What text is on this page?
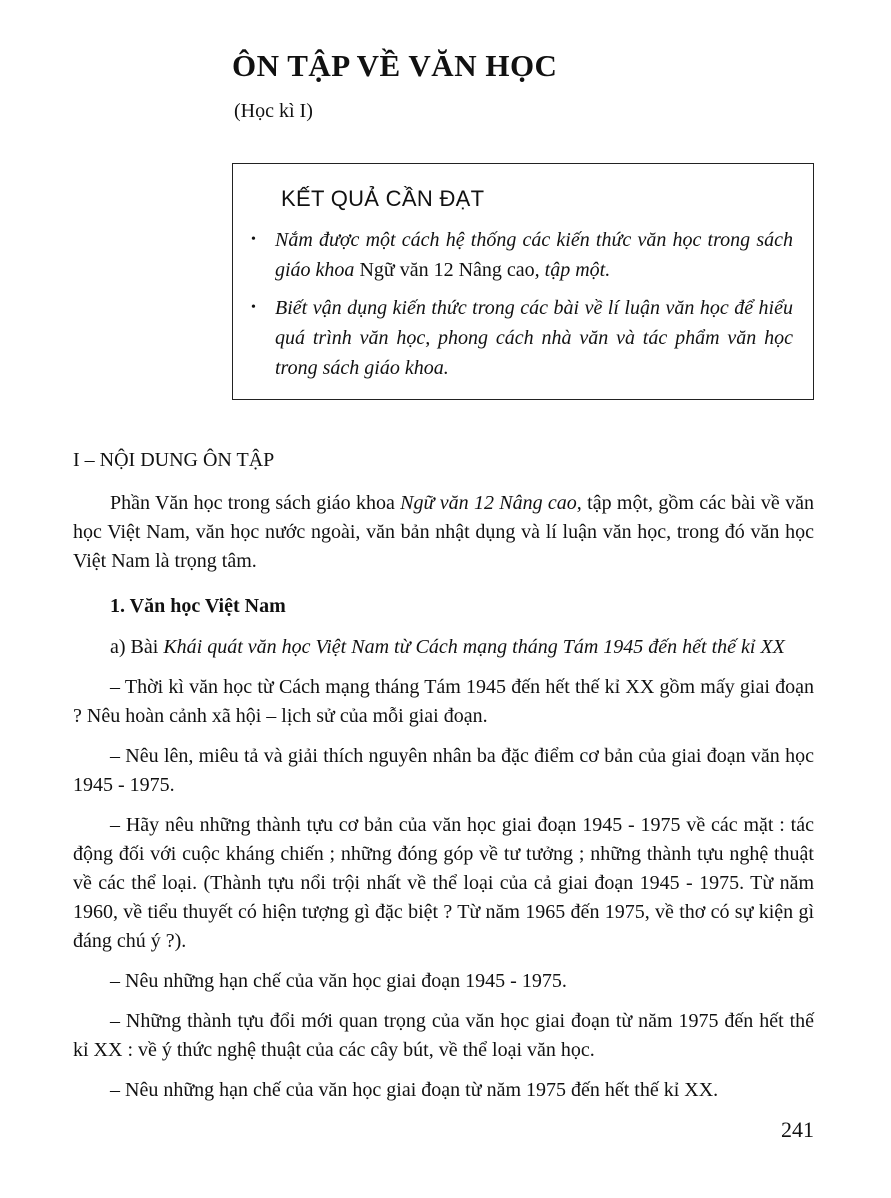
ÔN TẬP VỀ VĂN HỌC
(Học kì I)
KẾT QUẢ CẦN ĐẠT
• Nắm được một cách hệ thống các kiến thức văn học trong sách giáo khoa Ngữ văn 12 Nâng cao, tập một.
• Biết vận dụng kiến thức trong các bài về lí luận văn học để hiểu quá trình văn học, phong cách nhà văn và tác phẩm văn học trong sách giáo khoa.
I – NỘI DUNG ÔN TẬP

Phần Văn học trong sách giáo khoa Ngữ văn 12 Nâng cao, tập một, gồm các bài về văn học Việt Nam, văn học nước ngoài, văn bản nhật dụng và lí luận văn học, trong đó văn học Việt Nam là trọng tâm.

1. Văn học Việt Nam

a) Bài Khái quát văn học Việt Nam từ Cách mạng tháng Tám 1945 đến hết thế kỉ XX

– Thời kì văn học từ Cách mạng tháng Tám 1945 đến hết thế kỉ XX gồm mấy giai đoạn ? Nêu hoàn cảnh xã hội – lịch sử của mỗi giai đoạn.

– Nêu lên, miêu tả và giải thích nguyên nhân ba đặc điểm cơ bản của giai đoạn văn học 1945 - 1975.

– Hãy nêu những thành tựu cơ bản của văn học giai đoạn 1945 - 1975 về các mặt : tác động đối với cuộc kháng chiến ; những đóng góp về tư tưởng ; những thành tựu nghệ thuật về các thể loại. (Thành tựu nổi trội nhất về thể loại của cả giai đoạn 1945 - 1975. Từ năm 1960, về tiểu thuyết có hiện tượng gì đặc biệt ? Từ năm 1965 đến 1975, về thơ có sự kiện gì đáng chú ý ?).

– Nêu những hạn chế của văn học giai đoạn 1945 - 1975.

– Những thành tựu đổi mới quan trọng của văn học giai đoạn từ năm 1975 đến hết thế kỉ XX : về ý thức nghệ thuật của các cây bút, về thể loại văn học.

– Nêu những hạn chế của văn học giai đoạn từ năm 1975 đến hết thế kỉ XX.

241
